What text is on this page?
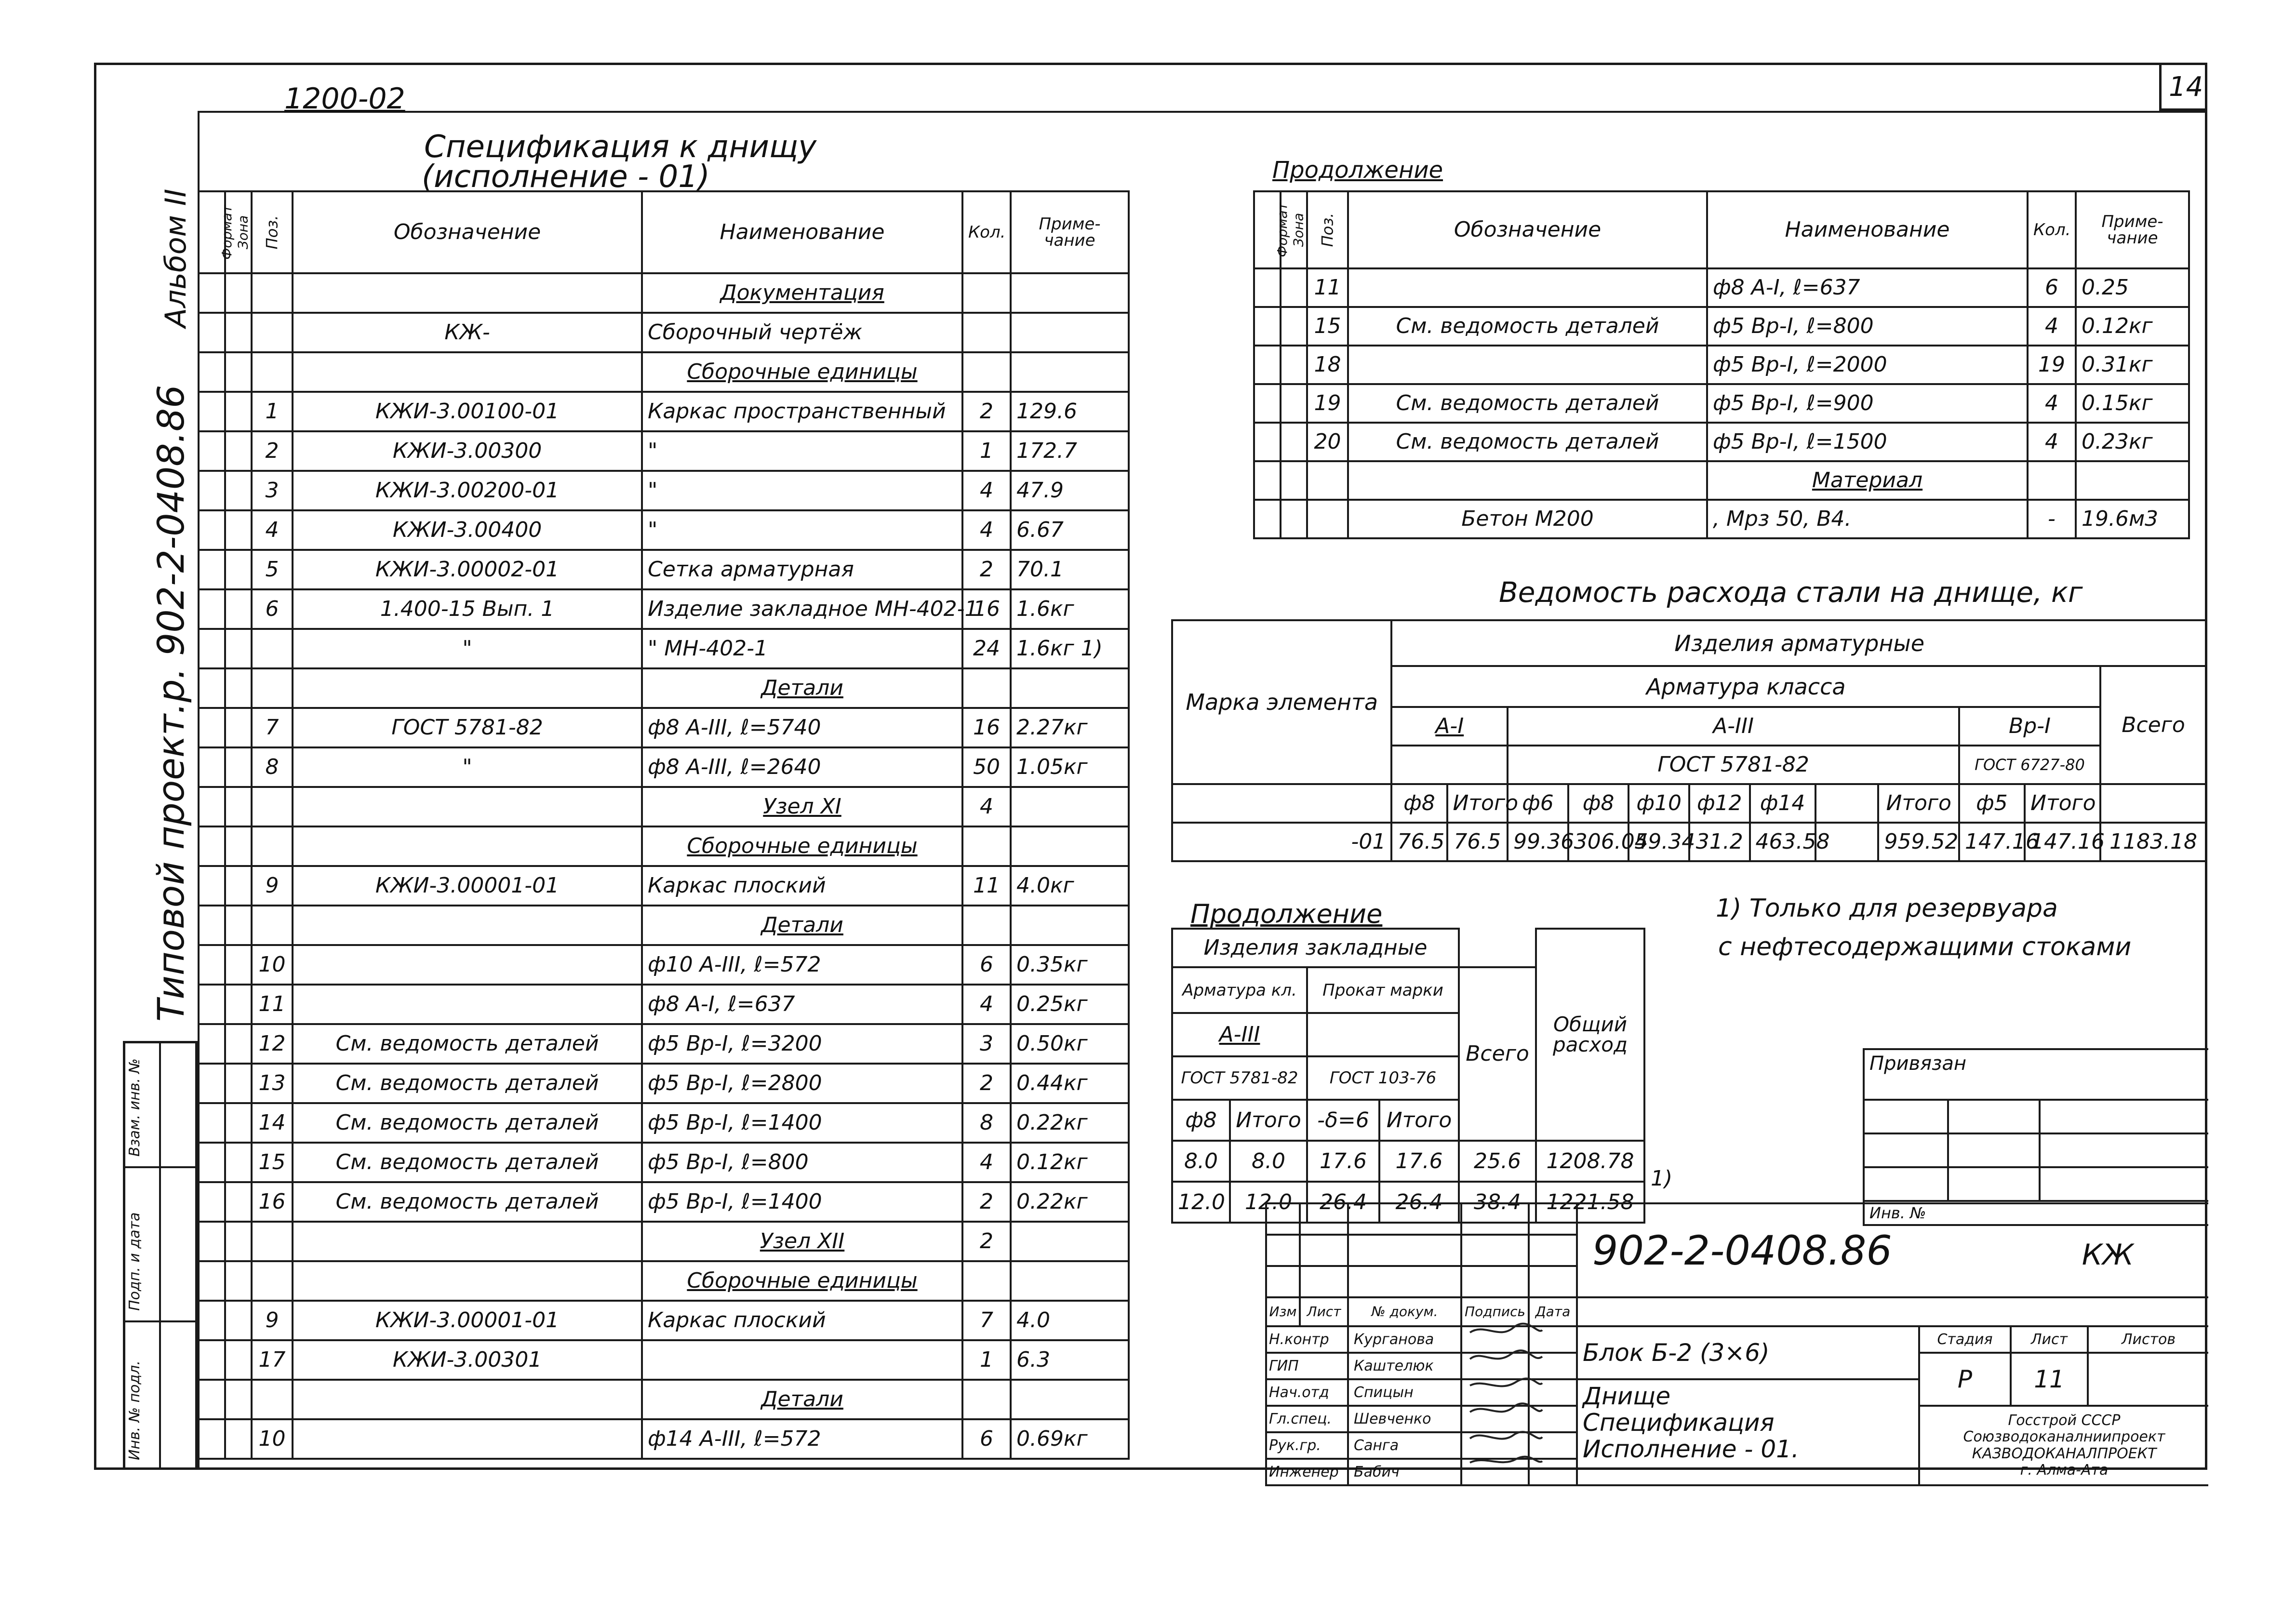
14
1200-02
Альбом II
Типовой проект.р. 902-2-0408.86
Взам. инв. №
Подп. и дата
Инв. № подл.
Спецификация к днищу
(исполнение - 01)
Формат	Зона	Поз.	Обозначение	Наименование	Кол.	Приме- чание
				Документация		
			КЖ-	Сборочный чертёж		
				Сборочные единицы		
		1	КЖИ-3.00100-01	Каркас пространственный	2	129.6
		2	КЖИ-3.00300	"	1	172.7
		3	КЖИ-3.00200-01	"	4	47.9
		4	КЖИ-3.00400	"	4	6.67
		5	КЖИ-3.00002-01	Сетка арматурная	2	70.1
		6	1.400-15 Вып. 1	Изделие закладное МН-402-1	16	1.6кг
			"	" МН-402-1	24	1.6кг 1)
				Детали		
		7	ГОСТ 5781-82	ф8 А-III, ℓ=5740	16	2.27кг
		8	"	ф8 А-III, ℓ=2640	50	1.05кг
				Узел XI	4	
				Сборочные единицы		
		9	КЖИ-3.00001-01	Каркас плоский	11	4.0кг
				Детали		
		10		ф10 А-III, ℓ=572	6	0.35кг
		11		ф8 А-I, ℓ=637	4	0.25кг
		12	См. ведомость деталей	ф5 Вр-I, ℓ=3200	3	0.50кг
		13	См. ведомость деталей	ф5 Вр-I, ℓ=2800	2	0.44кг
		14	См. ведомость деталей	ф5 Вр-I, ℓ=1400	8	0.22кг
		15	См. ведомость деталей	ф5 Вр-I, ℓ=800	4	0.12кг
		16	См. ведомость деталей	ф5 Вр-I, ℓ=1400	2	0.22кг
				Узел XII	2	
				Сборочные единицы		
		9	КЖИ-3.00001-01	Каркас плоский	7	4.0
		17	КЖИ-3.00301		1	6.3
				Детали		
		10		ф14 А-III, ℓ=572	6	0.69кг
Продолжение
Формат	Зона	Поз.	Обозначение	Наименование	Кол.	Приме- чание
		11		ф8 А-I, ℓ=637	6	0.25
		15	См. ведомость деталей	ф5 Вр-I, ℓ=800	4	0.12кг
		18		ф5 Вр-I, ℓ=2000	19	0.31кг
		19	См. ведомость деталей	ф5 Вр-I, ℓ=900	4	0.15кг
		20	См. ведомость деталей	ф5 Вр-I, ℓ=1500	4	0.23кг
				Материал		
			Бетон М200	, Мрз 50, В4.	-	19.6м3
Ведомость расхода стали на днище, кг
Марка элемента	Изделия арматурные											
	Арматура класса											Всего
	А-I		А-III							Вр-I		
			ГОСТ 5781-82							ГОСТ 6727-80		
	ф8	Итого	ф6	ф8	ф10	ф12	ф14		Итого	ф5	Итого	
-01	76.5	76.5	99.36	306.04	59.34	31.2	463.58		959.52	147.16	147.16	1183.18
Продолжение
Изделия закладные					Общий расход
Арматура кл.		Прокат марки		Всего	
А-III					
ГОСТ 5781-82		ГОСТ 103-76			
ф8	Итого	-δ=6	Итого		
8.0	8.0	17.6	17.6	25.6	1208.78
12.0	12.0	26.4	26.4	38.4	1221.58
1)
1) Только для резервуара
с нефтесодержащими стоками
Привязан		

Инв. №		
					902-2-0408.86 КЖ			

Изм	Лист	№ докум.	Подпись	Дата				
Н.контр		Курганова			Блок Б-2 (3×6)	Стадия	Лист	Листов
ГИП		Каштелюк				Р	11	
Нач.отд		Спицын			Днище
Спецификация
Исполнение - 01.			

Гл.спец.		Шевченко				Госстрой СССР
Союзводоканалниипроект
КАЗВОДОКАНАЛПРОЕКТ
г. Алма-Ата		

Рук.гр.		Санга						
Инженер		Бабич						
